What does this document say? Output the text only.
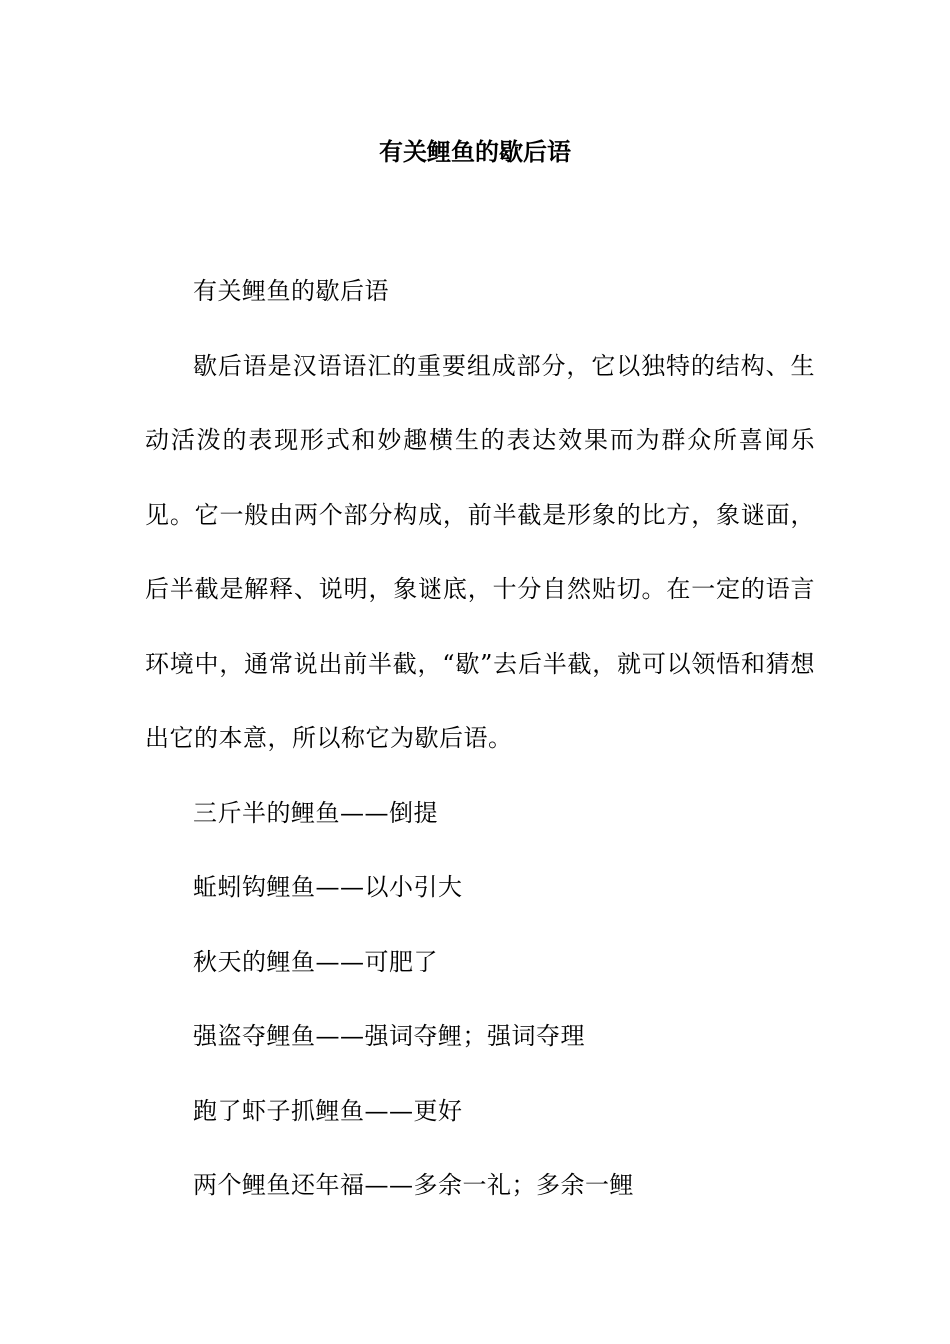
有关鲤鱼的歇后语

有关鲤鱼的歇后语

歇后语是汉语语汇的重要组成部分，它以独特的结构、生动活泼的表现形式和妙趣横生的表达效果而为群众所喜闻乐见。它一般由两个部分构成，前半截是形象的比方，象谜面，后半截是解释、说明，象谜底，十分自然贴切。在一定的语言环境中，通常说出前半截，“歇”去后半截，就可以领悟和猜想出它的本意，所以称它为歇后语。

三斤半的鲤鱼——倒提

蚯蚓钩鲤鱼——以小引大

秋天的鲤鱼——可肥了

强盗夺鲤鱼——强词夺鲤；强词夺理

跑了虾子抓鲤鱼——更好

两个鲤鱼还年福——多余一礼；多余一鲤
